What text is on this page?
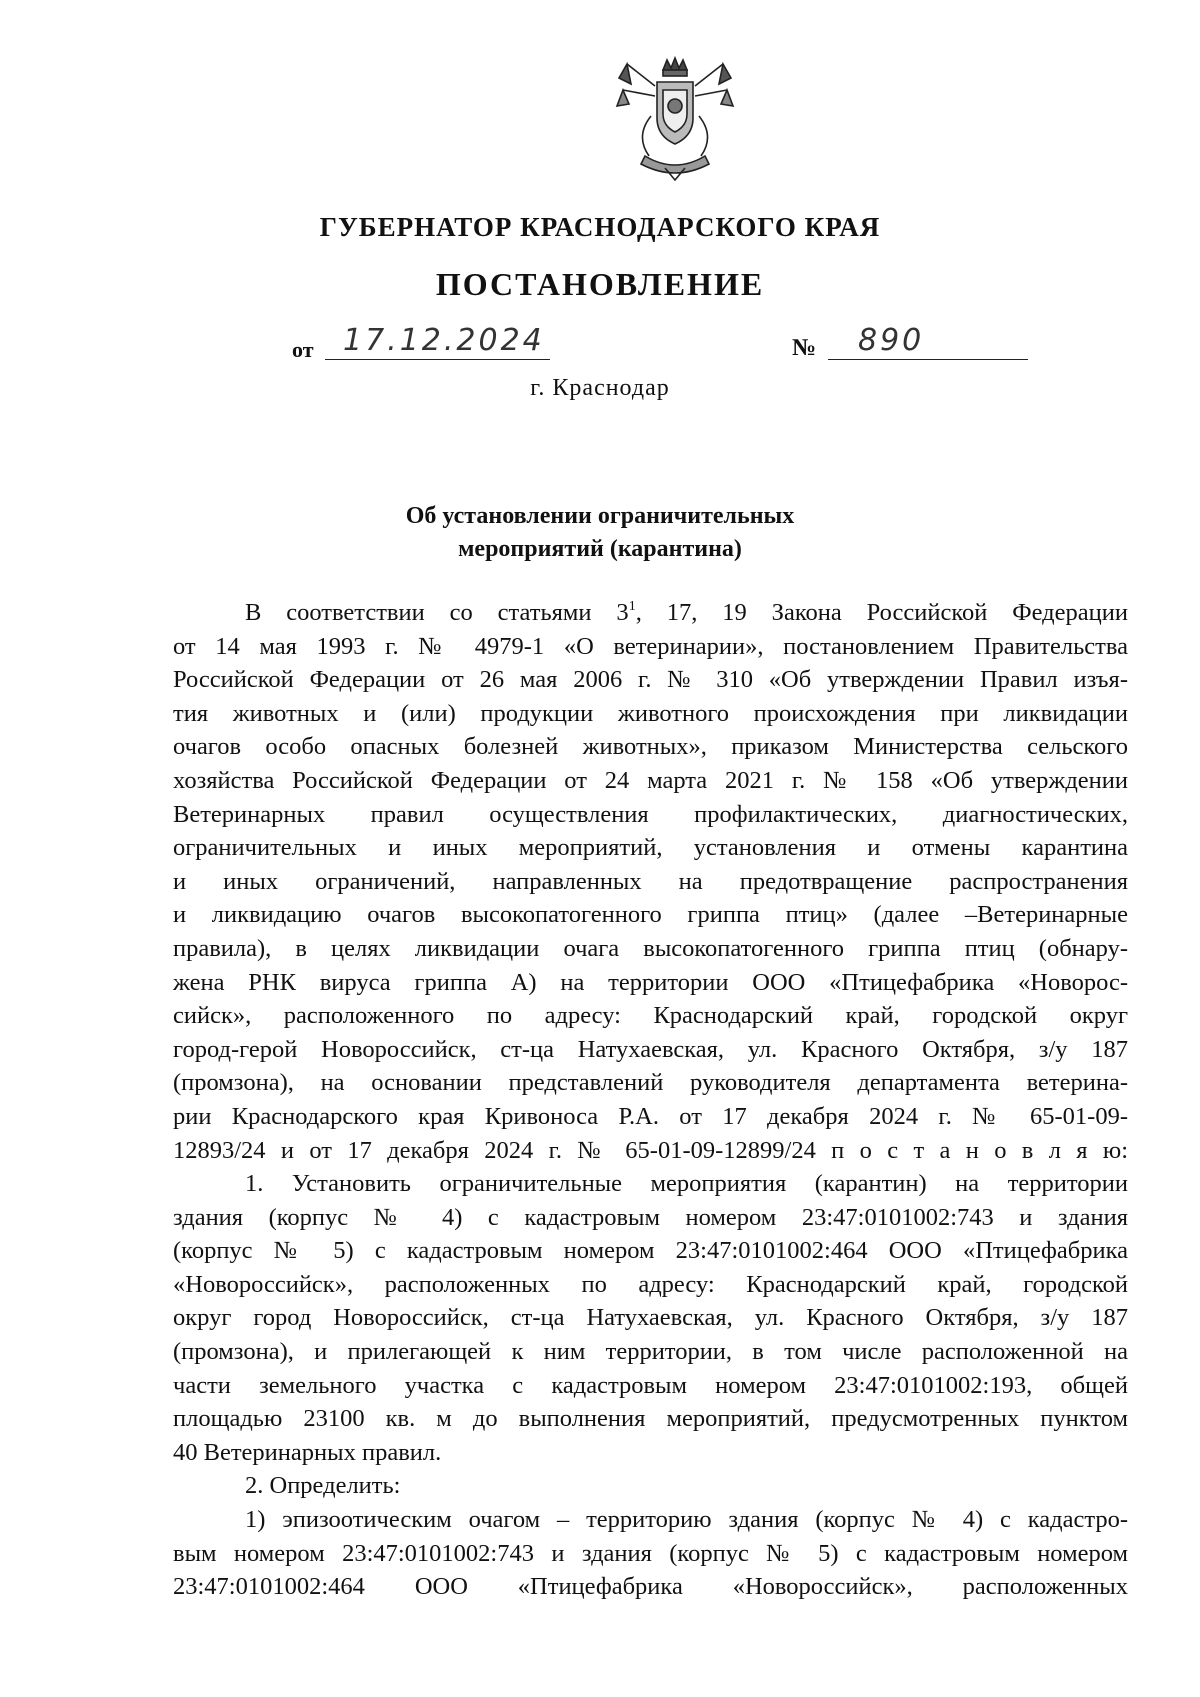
ГУБЕРНАТОР КРАСНОДАРСКОГО КРАЯ
ПОСТАНОВЛЕНИЕ
от 17.12.2024	№ 890
г. Краснодар
Об установлении ограничительных
мероприятий (карантина)
В соответствии со статьями $3^1$, 17, 19 Закона Российской Федерации
от 14 мая 1993 г. № 4979-1 «О ветеринарии», постановлением Правительства
Российской Федерации от 26 мая 2006 г. № 310 «Об утверждении Правил изъя-
тия животных и (или) продукции животного происхождения при ликвидации
очагов особо опасных болезней животных», приказом Министерства сельского
хозяйства Российской Федерации от 24 марта 2021 г. № 158 «Об утверждении
Ветеринарных правил осуществления профилактических, диагностических,
ограничительных и иных мероприятий, установления и отмены карантина
и иных ограничений, направленных на предотвращение распространения
и ликвидацию очагов высокопатогенного гриппа птиц» (далее –Ветеринарные
правила), в целях ликвидации очага высокопатогенного гриппа птиц (обнару-
жена РНК вируса гриппа А) на территории ООО «Птицефабрика «Новорос-
сийск», расположенного по адресу: Краснодарский край, городской округ
город-герой Новороссийск, ст-ца Натухаевская, ул. Красного Октября, з/у 187
(промзона), на основании представлений руководителя департамента ветерина-
рии Краснодарского края Кривоноса Р.А. от 17 декабря 2024 г. № 65-01-09-
12893/24 и от 17 декабря 2024 г. № 65-01-09-12899/24 п о с т а н о в л я ю:
1. Установить ограничительные мероприятия (карантин) на территории
здания (корпус № 4) с кадастровым номером 23:47:0101002:743 и здания
(корпус № 5) с кадастровым номером 23:47:0101002:464 ООО «Птицефабрика
«Новороссийск», расположенных по адресу: Краснодарский край, городской
округ город Новороссийск, ст-ца Натухаевская, ул. Красного Октября, з/у 187
(промзона), и прилегающей к ним территории, в том числе расположенной на
части земельного участка с кадастровым номером 23:47:0101002:193, общей
площадью 23100 кв. м до выполнения мероприятий, предусмотренных пунктом
40 Ветеринарных правил.
2. Определить:
1) эпизоотическим очагом – территорию здания (корпус № 4) с кадастро-
вым номером 23:47:0101002:743 и здания (корпус № 5) с кадастровым номером
23:47:0101002:464 ООО «Птицефабрика «Новороссийск», расположенных
